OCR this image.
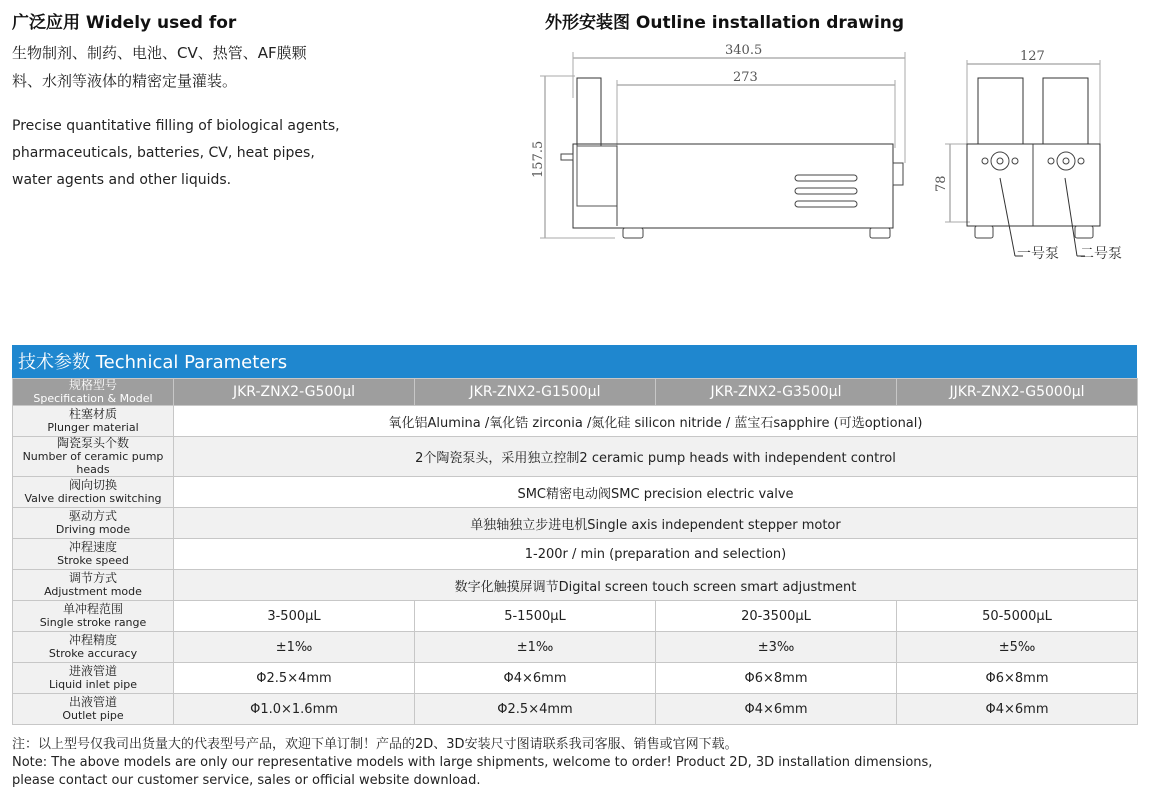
广泛应用 Widely used for

生物制剂、制药、电池、CV、热管、AF膜颗

料、水剂等液体的精密定量灌装。

Precise quantitative filling of biological agents,
pharmaceuticals, batteries, CV, heat pipes,
water agents and other liquids.

外形安装图 Outline installation drawing
340.5
273
157.5
127
78
一号泵 二号泵
技术参数 Technical Parameters
规格型号
Specification & Model	JKR-ZNX2-G500μl	JKR-ZNX2-G1500μl	JKR-ZNX2-G3500μl	JJKR-ZNX2-G5000μl

柱塞材质
Plunger material	氧化铝Alumina /氧化锆 zirconia /氮化硅 silicon nitride / 蓝宝石sapphire (可选optional)			

陶瓷泵头个数
Number of ceramic pump heads	2个陶瓷泵头，采用独立控制2 ceramic pump heads with independent control			

阀向切换
Valve direction switching	SMC精密电动阀SMC precision electric valve			

驱动方式
Driving mode	单独轴独立步进电机Single axis independent stepper motor			

冲程速度
Stroke speed	1-200r / min (preparation and selection)			

调节方式
Adjustment mode	数字化触摸屏调节Digital screen touch screen smart adjustment			

单冲程范围
Single stroke range	3-500μL	5-1500μL	20-3500μL	50-5000μL

冲程精度
Stroke accuracy	±1‰	±1‰	±3‰	±5‰

进液管道
Liquid inlet pipe	Φ2.5×4mm	Φ4×6mm	Φ6×8mm	Φ6×8mm

出液管道
Outlet pipe	Φ1.0×1.6mm	Φ2.5×4mm	Φ4×6mm	Φ4×6mm

注：以上型号仅我司出货量大的代表型号产品，欢迎下单订制！产品的2D、3D安装尺寸图请联系我司客服、销售或官网下载。

Note: The above models are only our representative models with large shipments, welcome to order! Product 2D, 3D installation dimensions,

please contact our customer service, sales or official website download.
